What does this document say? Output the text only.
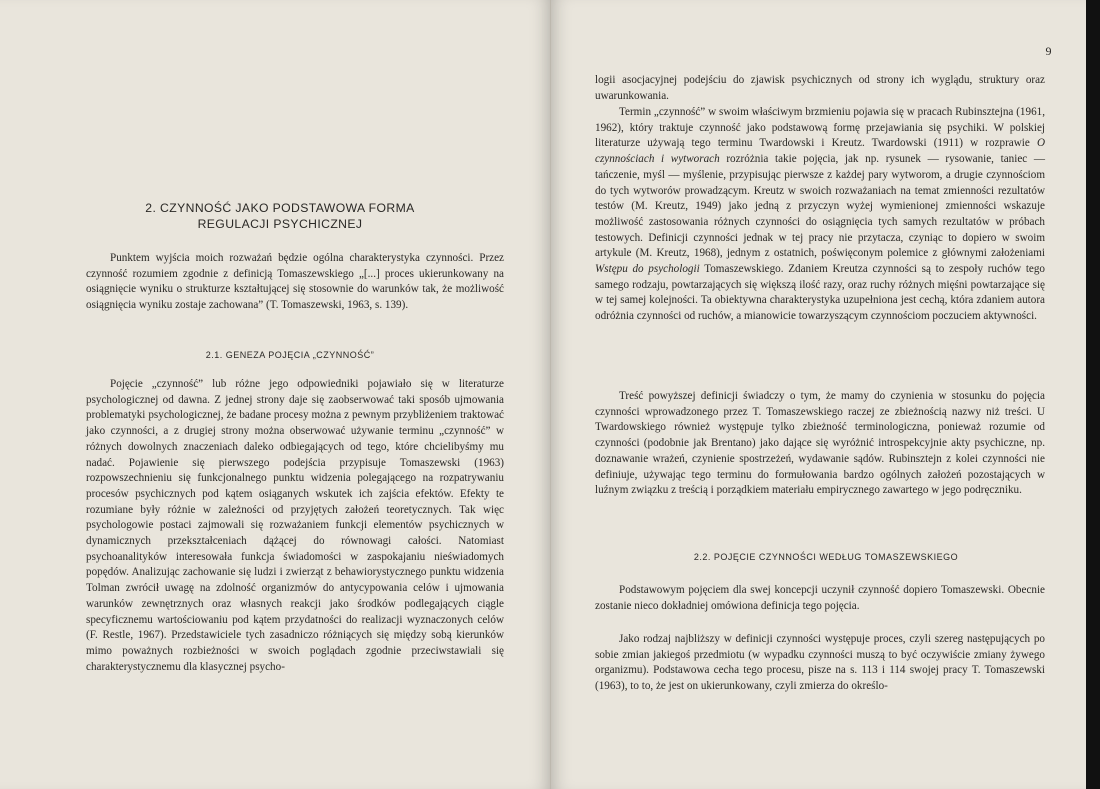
2. CZYNNOŚĆ JAKO PODSTAWOWA FORMA
REGULACJI PSYCHICZNEJ

Punktem wyjścia moich rozważań będzie ogólna charakterystyka czynności. Przez czynność rozumiem zgodnie z definicją Tomaszewskiego „[...] proces ukierunkowany na osiągnięcie wyniku o strukturze kształtującej się stosownie do warunków tak, że możliwość osiągnięcia wyniku zostaje zachowana” (T. Tomaszewski, 1963, s. 139).

2.1. GENEZA POJĘCIA „CZYNNOŚĆ”

Pojęcie „czynność” lub różne jego odpowiedniki pojawiało się w literaturze psychologicznej od dawna. Z jednej strony daje się zaobserwować taki sposób ujmowania problematyki psychologicznej, że badane procesy można z pewnym przybliżeniem traktować jako czynności, a z drugiej strony można obserwować używanie terminu „czynność” w różnych dowolnych znaczeniach daleko odbiegających od tego, które chcielibyśmy mu nadać. Pojawienie się pierwszego podejścia przypisuje Tomaszewski (1963) rozpowszechnieniu się funkcjonalnego punktu widzenia polegającego na rozpatrywaniu procesów psychicznych pod kątem osiąganych wskutek ich zajścia efektów. Efekty te rozumiane były różnie w zależności od przyjętych założeń teoretycznych. Tak więc psychologowie postaci zajmowali się rozważaniem funkcji elementów psychicznych w dynamicznych przekształceniach dążącej do równowagi całości. Natomiast psychoanalityków interesowała funkcja świadomości w zaspokajaniu nieświadomych popędów. Analizując zachowanie się ludzi i zwierząt z behawiorystycznego punktu widzenia Tolman zwrócił uwagę na zdolność organizmów do antycypowania celów i ujmowania warunków zewnętrznych oraz własnych reakcji jako środków podlegających ciągle specyficznemu wartościowaniu pod kątem przydatności do realizacji wyznaczonych celów (F. Restle, 1967). Przedstawiciele tych zasadniczo różniących się między sobą kierunków mimo poważnych rozbieżności w swoich poglądach zgodnie przeciwstawiali się charakterystycznemu dla klasycznej psycho-

9

logii asocjacyjnej podejściu do zjawisk psychicznych od strony ich wyglądu, struktury oraz uwarunkowania.

Termin „czynność” w swoim właściwym brzmieniu pojawia się w pracach Rubinsztejna (1961, 1962), który traktuje czynność jako podstawową formę przejawiania się psychiki. W polskiej literaturze używają tego terminu Twardowski i Kreutz. Twardowski (1911) w rozprawie O czynnościach i wytworach rozróżnia takie pojęcia, jak np. rysunek — rysowanie, taniec — tańczenie, myśl — myślenie, przypisując pierwsze z każdej pary wytworom, a drugie czynnościom do tych wytworów prowadzącym. Kreutz w swoich rozważaniach na temat zmienności rezultatów testów (M. Kreutz, 1949) jako jedną z przyczyn wyżej wymienionej zmienności wskazuje możliwość zastosowania różnych czynności do osiągnięcia tych samych rezultatów w próbach testowych. Definicji czynności jednak w tej pracy nie przytacza, czyniąc to dopiero w swoim artykule (M. Kreutz, 1968), jednym z ostatnich, poświęconym polemice z głównymi założeniami Wstępu do psychologii Tomaszewskiego. Zdaniem Kreutza czynności są to zespoły ruchów tego samego rodzaju, powtarzających się większą ilość razy, oraz ruchy różnych mięśni powtarzające się w tej samej kolejności. Ta obiektywna charakterystyka uzupełniona jest cechą, która zdaniem autora odróżnia czynności od ruchów, a mianowicie towarzyszącym czynnościom poczuciem aktywności.

Treść powyższej definicji świadczy o tym, że mamy do czynienia w stosunku do pojęcia czynności wprowadzonego przez T. Tomaszewskiego raczej ze zbieżnością nazwy niż treści. U Twardowskiego również występuje tylko zbieżność terminologiczna, ponieważ rozumie od czynności (podobnie jak Brentano) jako dające się wyróżnić introspekcyjnie akty psychiczne, np. doznawanie wrażeń, czynienie spostrzeżeń, wydawanie sądów. Rubinsztejn z kolei czynności nie definiuje, używając tego terminu do formułowania bardzo ogólnych założeń pozostających w luźnym związku z treścią i porządkiem materiału empirycznego zawartego w jego podręczniku.

2.2. POJĘCIE CZYNNOŚCI WEDŁUG TOMASZEWSKIEGO

Podstawowym pojęciem dla swej koncepcji uczynił czynność dopiero Tomaszewski. Obecnie zostanie nieco dokładniej omówiona definicja tego pojęcia.

Jako rodzaj najbliższy w definicji czynności występuje proces, czyli szereg następujących po sobie zmian jakiegoś przedmiotu (w wypadku czynności muszą to być oczywiście zmiany żywego organizmu). Podstawowa cecha tego procesu, pisze na s. 113 i 114 swojej pracy T. Tomaszewski (1963), to to, że jest on ukierunkowany, czyli zmierza do określo-
